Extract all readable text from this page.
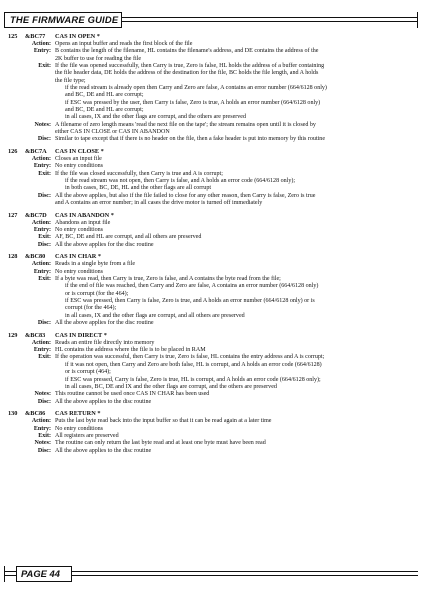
THE FIRMWARE GUIDE
125	&BC77	CAS IN OPEN *
Action: Opens an input buffer and reads the first block of the file
Entry: B contains the length of the filename, HL contains the filename's address, and DE contains the address of the
2K buffer to use for reading the file
Exit: If the file was opened successfully, then Carry is true, Zero is false, HL holds the address of a buffer containing
the file header data, DE holds the address of the destination for the file, BC holds the file length, and A holds
the file type;
if the read stream is already open then Carry and Zero are false, A contains an error number (664/6128 only)
and BC, DE and HL are corrupt;
if ESC was pressed by the user, then Carry is false, Zero is true, A holds an error number (664/6128 only)
and BC, DE and HL are corrupt;
in all cases, IX and the other flags are corrupt, and the others are preserved
Notes: A filename of zero length means 'read the next file on the tape'; the stream remains open until it is closed by
either CAS IN CLOSE or CAS IN ABANDON
Disc: Similar to tape except that if there is no header on the file, then a fake header is put into memory by this routine
126	&BC7A	CAS IN CLOSE *
Action: Closes an input file
Entry: No entry conditions
Exit: If the file was closed successfully, then Carry is true and A is corrupt;
if the read stream was not open, then Carry is false, and A holds an error code (664/6128 only);
in both cases, BC, DE, HL and the other flags are all corrupt
Disc: All the above applies, but also if the file failed to close for any other reason, then Carry is false, Zero is true
and A contains an error number; in all cases the drive motor is turned off immediately
127	&BC7D	CAS IN ABANDON *
Action: Abandons an input file
Entry: No entry conditions
Exit: AF, BC, DE and HL are corrupt, and all others are preserved
Disc: All the above applies for the disc routine
128	&BC80	CAS IN CHAR *
Action: Reads in a single byte from a file
Entry: No entry conditions
Exit: If a byte was read, then Carry is true, Zero is false, and A contains the byte read from the file;
if the end of file was reached, then Carry and Zero are false, A contains an error number (664/6128 only)
or is corrupt (for the 464);
if ESC was pressed, then Carry is false, Zero is true, and A holds an error number (664/6128 only) or is
corrupt (for the 464);
in all cases, IX and the other flags are corrupt, and all others are preserved
Disc: All the above applies for the disc routine
129	&BC83	CAS IN DIRECT *
Action: Reads an entire file directly into memory
Entry: HL contains the address where the file is to be placed in RAM
Exit: If the operation was successful, then Carry is true, Zero is false, HL contains the entry address and A is corrupt;
if it was not open, then Carry and Zero are both false, HL is corrupt, and A holds an error code (664/6128)
or is corrupt (464);
if ESC was pressed, Carry is false, Zero is true, HL is corrupt, and A holds an error code (664/6128 only);
in all cases, BC, DE and IX and the other flags are corrupt, and the others are preserved
Notes: This routine cannot be used once CAS IN CHAR has been used
Disc: All the above applies to the disc routine
130	&BC86	CAS RETURN *
Action: Puts the last byte read back into the input buffer so that it can be read again at a later time
Entry: No entry conditions
Exit: All registers are preserved
Notes: The routine can only return the last byte read and at least one byte must have been read
Disc: All the above applies to the disc routine
PAGE 44
